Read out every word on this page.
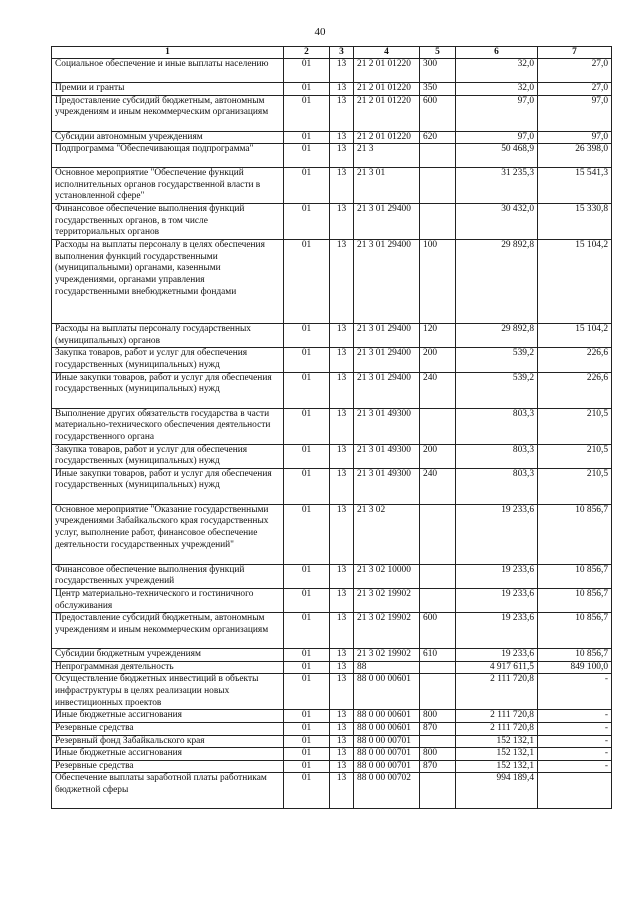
40
1	2	3	4	5	6	7
Социальное обеспечение и иные выплаты населению	01	13	21 2 01 01220	300	32,0	27,0
Премии и гранты	01	13	21 2 01 01220	350	32,0	27,0
Предоставление субсидий бюджетным, автономным учреждениям и иным некоммерческим организациям	01	13	21 2 01 01220	600	97,0	97,0
Субсидии автономным учреждениям	01	13	21 2 01 01220	620	97,0	97,0
Подпрограмма "Обеспечивающая подпрограмма"	01	13	21 3		50 468,9	26 398,0
Основное мероприятие "Обеспечение функций исполнительных органов государственной власти в установленной сфере"	01	13	21 3 01		31 235,3	15 541,3
Финансовое обеспечение выполнения функций государственных органов, в том числе территориальных органов	01	13	21 3 01 29400		30 432,0	15 330,8
Расходы на выплаты персоналу в целях обеспечения выполнения функций государственными (муниципальными) органами, казенными учреждениями, органами управления государственными внебюджетными фондами	01	13	21 3 01 29400	100	29 892,8	15 104,2
Расходы на выплаты персоналу государственных (муниципальных) органов	01	13	21 3 01 29400	120	29 892,8	15 104,2
Закупка товаров, работ и услуг для обеспечения государственных (муниципальных) нужд	01	13	21 3 01 29400	200	539,2	226,6
Иные закупки товаров, работ и услуг для обеспечения государственных (муниципальных) нужд	01	13	21 3 01 29400	240	539,2	226,6
Выполнение других обязательств государства в части материально-технического обеспечения деятельности государственного органа	01	13	21 3 01 49300		803,3	210,5
Закупка товаров, работ и услуг для обеспечения государственных (муниципальных) нужд	01	13	21 3 01 49300	200	803,3	210,5
Иные закупки товаров, работ и услуг для обеспечения государственных (муниципальных) нужд	01	13	21 3 01 49300	240	803,3	210,5
Основное мероприятие "Оказание государственными учреждениями Забайкальского края государственных услуг, выполнение работ, финансовое обеспечение деятельности государственных учреждений"	01	13	21 3 02		19 233,6	10 856,7
Финансовое обеспечение выполнения функций государственных учреждений	01	13	21 3 02 10000		19 233,6	10 856,7
Центр материально-технического и гостиничного обслуживания	01	13	21 3 02 19902		19 233,6	10 856,7
Предоставление субсидий бюджетным, автономным учреждениям и иным некоммерческим организациям	01	13	21 3 02 19902	600	19 233,6	10 856,7
Субсидии бюджетным учреждениям	01	13	21 3 02 19902	610	19 233,6	10 856,7
Непрограммная деятельность	01	13	88		4 917 611,5	849 100,0
Осуществление бюджетных инвестиций в объекты инфраструктуры в целях реализации новых инвестиционных проектов	01	13	88 0 00 00601		2 111 720,8	-
Иные бюджетные ассигнования	01	13	88 0 00 00601	800	2 111 720,8	-
Резервные средства	01	13	88 0 00 00601	870	2 111 720,8	-
Резервный фонд Забайкальского края	01	13	88 0 00 00701		152 132,1	-
Иные бюджетные ассигнования	01	13	88 0 00 00701	800	152 132,1	-
Резервные средства	01	13	88 0 00 00701	870	152 132,1	-
Обеспечение выплаты заработной платы работникам бюджетной сферы	01	13	88 0 00 00702		994 189,4	
